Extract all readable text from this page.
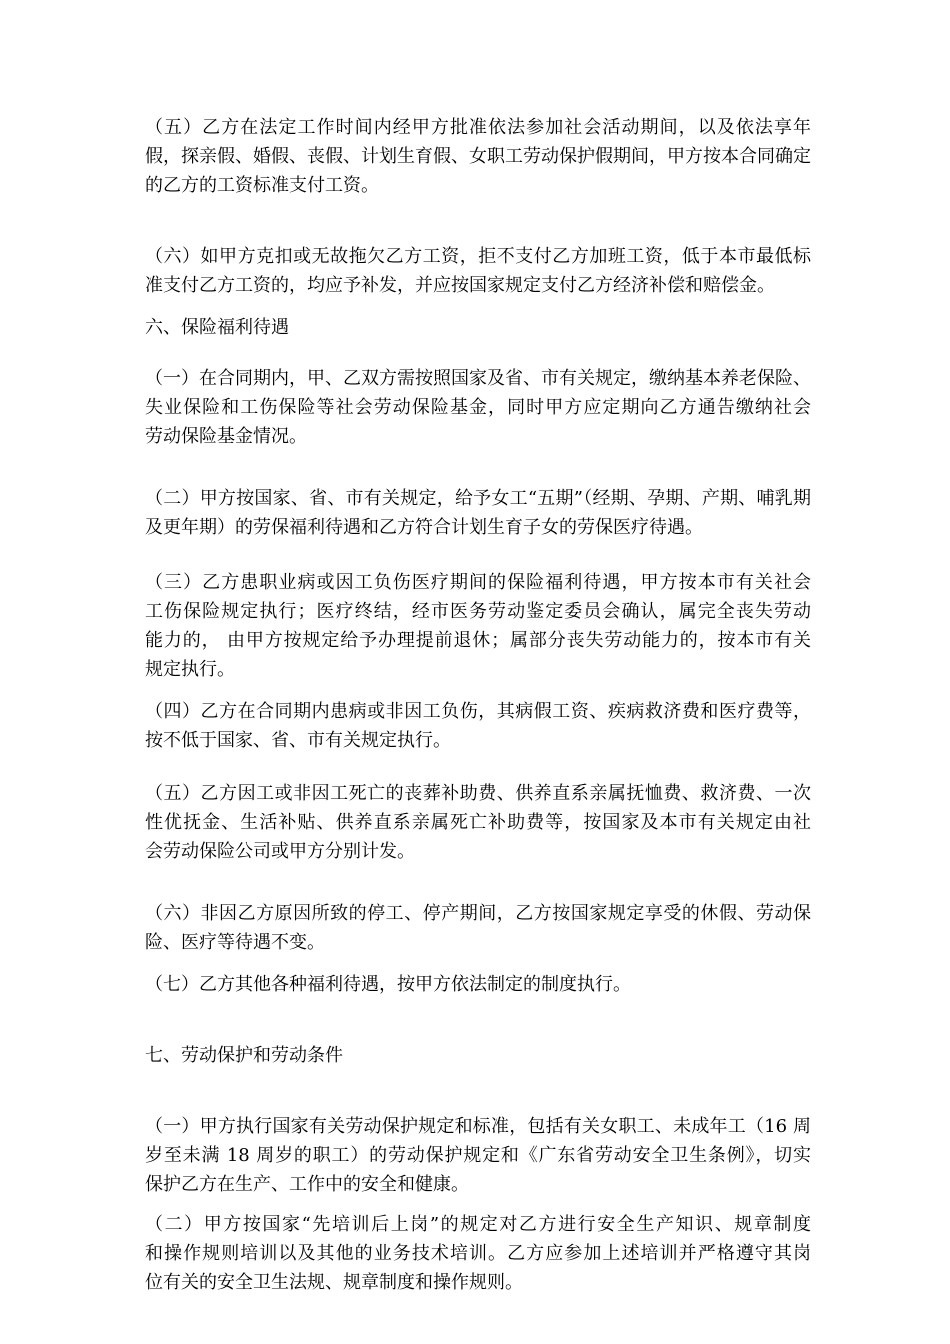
（五）乙方在法定工作时间内经甲方批准依法参加社会活动期间，以及依法享年
假，探亲假、婚假、丧假、计划生育假、女职工劳动保护假期间，甲方按本合同确定
的乙方的工资标准支付工资。
（六）如甲方克扣或无故拖欠乙方工资，拒不支付乙方加班工资，低于本市最低标
准支付乙方工资的，均应予补发，并应按国家规定支付乙方经济补偿和赔偿金。
六、保险福利待遇
（一）在合同期内，甲、乙双方需按照国家及省、市有关规定，缴纳基本养老保险、
失业保险和工伤保险等社会劳动保险基金，同时甲方应定期向乙方通告缴纳社会
劳动保险基金情况。
（二）甲方按国家、省、市有关规定，给予女工“五期”（经期、孕期、产期、哺乳期
及更年期）的劳保福利待遇和乙方符合计划生育子女的劳保医疗待遇。
（三）乙方患职业病或因工负伤医疗期间的保险福利待遇，甲方按本市有关社会
工伤保险规定执行；医疗终结，经市医务劳动鉴定委员会确认，属完全丧失劳动
能力的， 由甲方按规定给予办理提前退休；属部分丧失劳动能力的，按本市有关
规定执行。
（四）乙方在合同期内患病或非因工负伤，其病假工资、疾病救济费和医疗费等，
按不低于国家、省、市有关规定执行。
（五）乙方因工或非因工死亡的丧葬补助费、供养直系亲属抚恤费、救济费、一次
性优抚金、生活补贴、供养直系亲属死亡补助费等，按国家及本市有关规定由社
会劳动保险公司或甲方分别计发。
（六）非因乙方原因所致的停工、停产期间，乙方按国家规定享受的休假、劳动保
险、医疗等待遇不变。
（七）乙方其他各种福利待遇，按甲方依法制定的制度执行。
七、劳动保护和劳动条件
（一）甲方执行国家有关劳动保护规定和标准，包括有关女职工、未成年工（16 周
岁至未满 18 周岁的职工）的劳动保护规定和《广东省劳动安全卫生条例》，切实
保护乙方在生产、工作中的安全和健康。
（二）甲方按国家“先培训后上岗”的规定对乙方进行安全生产知识、规章制度
和操作规则培训以及其他的业务技术培训。乙方应参加上述培训并严格遵守其岗
位有关的安全卫生法规、规章制度和操作规则。
